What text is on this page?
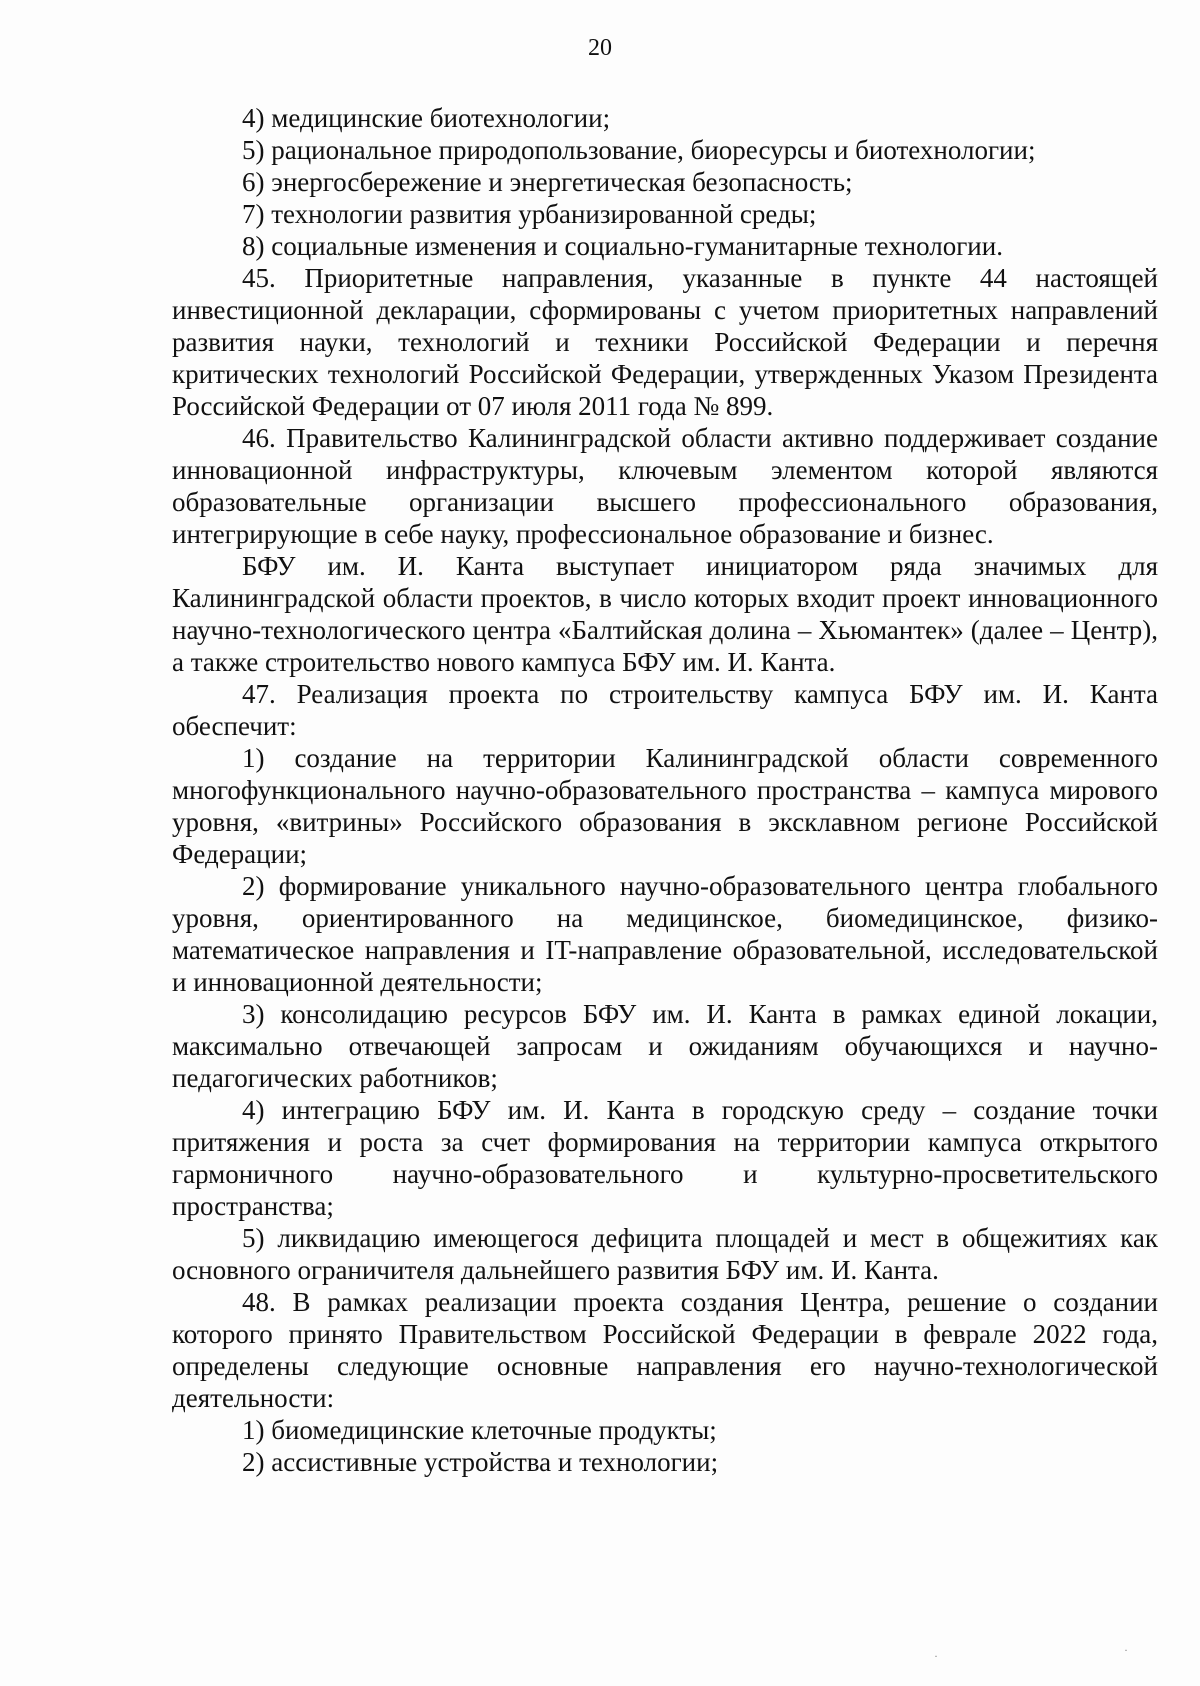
20

4) медицинские биотехнологии;

5) рациональное природопользование, биоресурсы и биотехнологии;

6) энергосбережение и энергетическая безопасность;

7) технологии развития урбанизированной среды;

8) социальные изменения и социально-гуманитарные технологии.

45. Приоритетные направления, указанные в пункте 44 настоящей инвестиционной декларации, сформированы с учетом приоритетных направлений развития науки, технологий и техники Российской Федерации и перечня критических технологий Российской Федерации, утвержденных Указом Президента Российской Федерации от 07 июля 2011 года № 899.

46. Правительство Калининградской области активно поддерживает создание инновационной инфраструктуры, ключевым элементом которой являются образовательные организации высшего профессионального образования, интегрирующие в себе науку, профессиональное образование и бизнес.

БФУ им. И. Канта выступает инициатором ряда значимых для Калининградской области проектов, в число которых входит проект инновационного научно-технологического центра «Балтийская долина – Хьюмантек» (далее – Центр), а также строительство нового кампуса БФУ им. И. Канта.

47. Реализация проекта по строительству кампуса БФУ им. И. Канта обеспечит:

1) создание на территории Калининградской области современного многофункционального научно-образовательного пространства – кампуса мирового уровня, «витрины» Российского образования в эксклавном регионе Российской Федерации;

2) формирование уникального научно-образовательного центра глобального уровня, ориентированного на медицинское, биомедицинское, физико-математическое направления и IT-направление образовательной, исследовательской и инновационной деятельности;

3) консолидацию ресурсов БФУ им. И. Канта в рамках единой локации, максимально отвечающей запросам и ожиданиям обучающихся и научно-педагогических работников;

4) интеграцию БФУ им. И. Канта в городскую среду – создание точки притяжения и роста за счет формирования на территории кампуса открытого гармоничного научно-образовательного и культурно-просветительского пространства;

5) ликвидацию имеющегося дефицита площадей и мест в общежитиях как основного ограничителя дальнейшего развития БФУ им. И. Канта.

48. В рамках реализации проекта создания Центра, решение о создании которого принято Правительством Российской Федерации в феврале 2022 года, определены следующие основные направления его научно-технологической деятельности:

1) биомедицинские клеточные продукты;

2) ассистивные устройства и технологии;

·	·
